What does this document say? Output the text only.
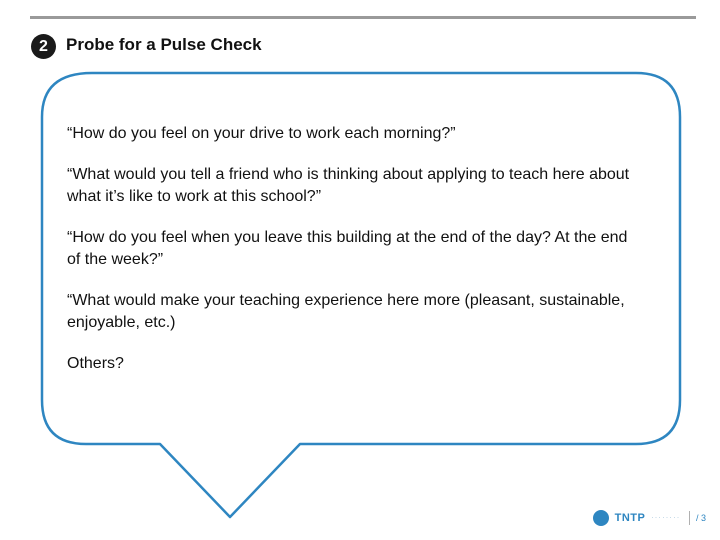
2	Probe for a Pulse Check

“How do you feel on your drive to work each morning?”

“What would you tell a friend who is thinking about applying to teach here about what it’s like to work at this school?”

“How do you feel when you leave this building at the end of the day? At the end of the week?”

“What would make your teaching experience here more (pleasant, sustainable, enjoyable, etc.)

Others?

TNTP · · · · · · · · / 3
